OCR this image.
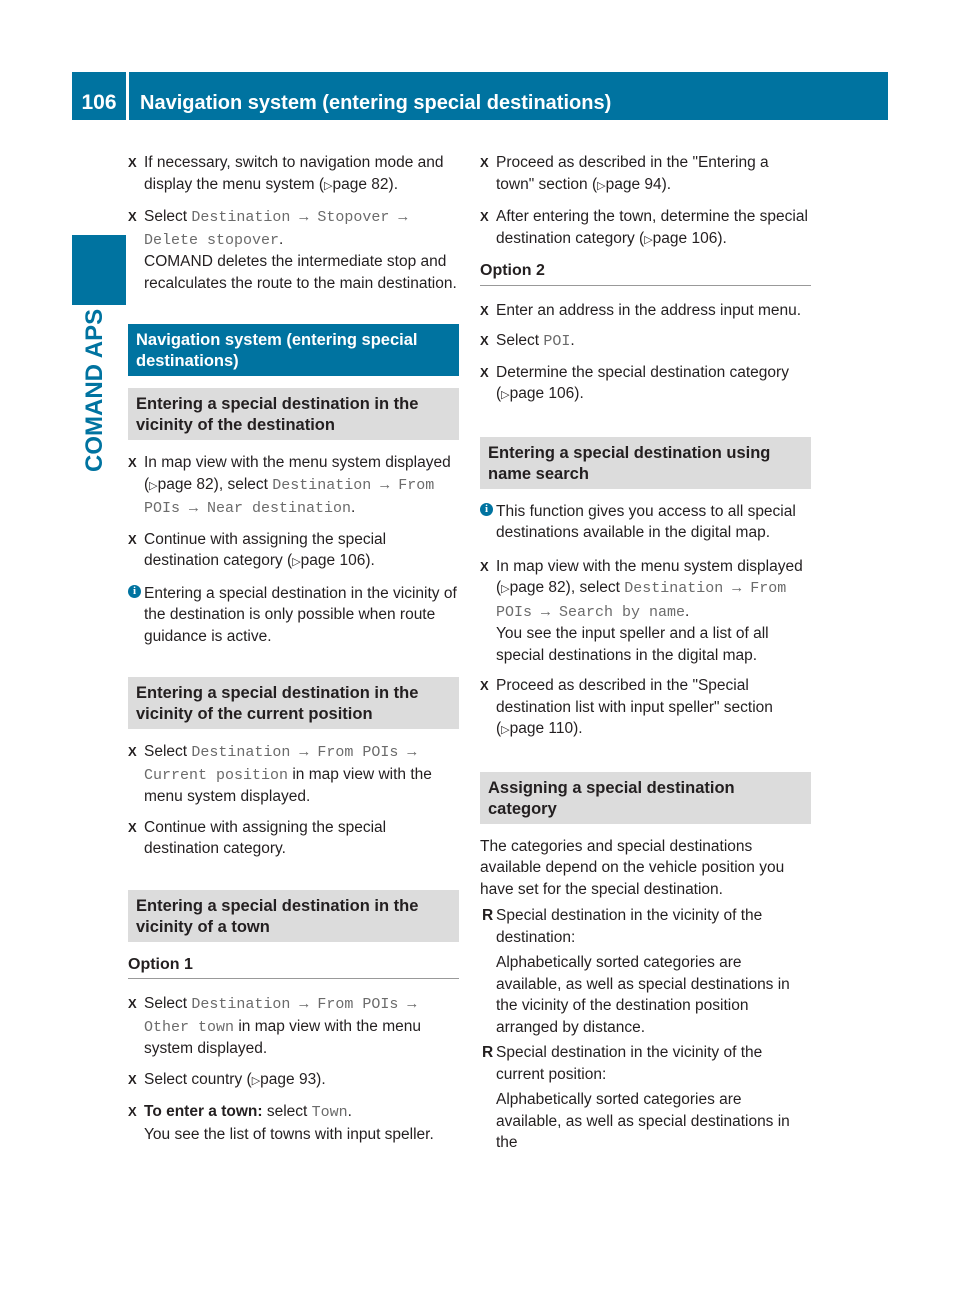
106	Navigation system (entering special destinations)
COMAND APS
X If necessary, switch to navigation mode and display the menu system (▷page 82).
X Select Destination → Stopover → Delete stopover.
COMAND deletes the intermediate stop and recalculates the route to the main destination.
Navigation system (entering special destinations)
Entering a special destination in the vicinity of the destination
X In map view with the menu system displayed (▷page 82), select Destination → From POIs → Near destination.
X Continue with assigning the special destination category (▷page 106).
i Entering a special destination in the vicinity of the destination is only possible when route guidance is active.
Entering a special destination in the vicinity of the current position
X Select Destination → From POIs → Current position in map view with the menu system displayed.
X Continue with assigning the special destination category.
Entering a special destination in the vicinity of a town
Option 1
X Select Destination → From POIs → Other town in map view with the menu system displayed.
X Select country (▷page 93).
X To enter a town: select Town.
You see the list of towns with input speller.
X Proceed as described in the "Entering a town" section (▷page 94).
X After entering the town, determine the special destination category (▷page 106).
Option 2
X Enter an address in the address input menu.
X Select POI.
X Determine the special destination category (▷page 106).
Entering a special destination using name search
i This function gives you access to all special destinations available in the digital map.
X In map view with the menu system displayed (▷page 82), select Destination → From POIs → Search by name.
You see the input speller and a list of all special destinations in the digital map.
X Proceed as described in the "Special destination list with input speller" section (▷page 110).
Assigning a special destination category

The categories and special destinations available depend on the vehicle position you have set for the special destination.

R Special destination in the vicinity of the destination:

Alphabetically sorted categories are available, as well as special destinations in the vicinity of the destination position arranged by distance.

R Special destination in the vicinity of the current position:

Alphabetically sorted categories are available, as well as special destinations in the
